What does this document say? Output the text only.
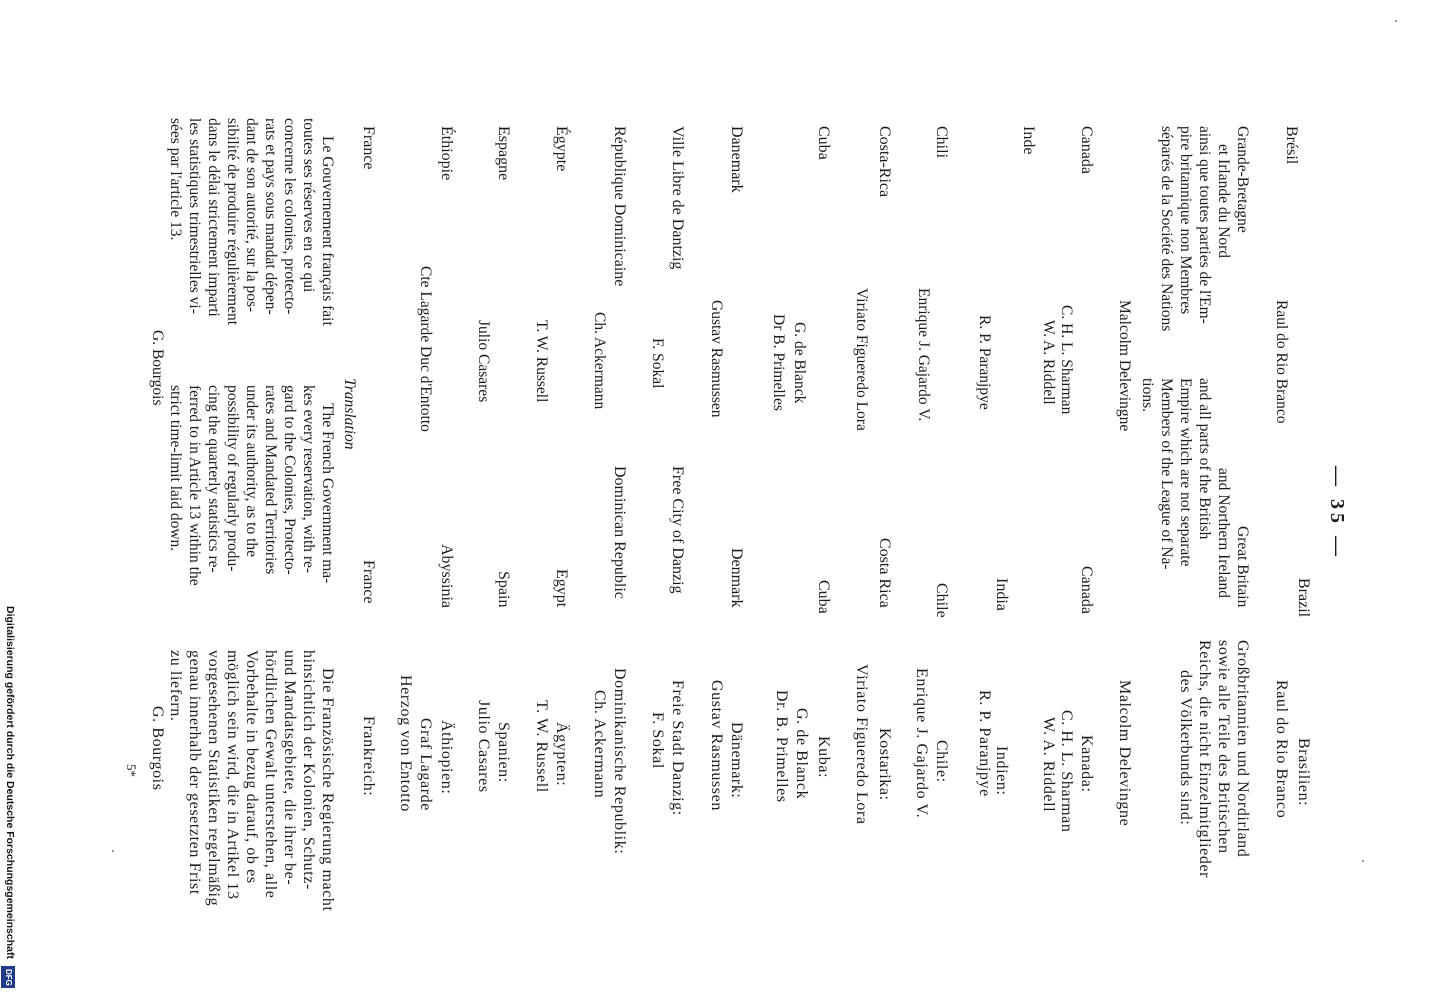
— 35 —
5*
Digitalisierung gefördert durch die Deutsche Forschungsgemeinschaft
DFG
Brésil
Grande-Bretagne
et Irlande du Nord
ainsi que toutes parties de l'Em-
pire britannique non Membres
séparés de la Société des Nations
Canada
Inde
Chili
Costa-Rica
Cuba
Danemark
Ville Libre de Dantzig
République Dominicaine
Égypte
Espagne
Éthiopie
France
Le Gouvernement français fait
toutes ses réserves en ce qui
concerne les colonies, protecto-
rats et pays sous mandat dépen-
dant de son autorité, sur la pos-
sibilité de produire régulièrement
dans le délai strictement imparti
les statistiques trimestrielles vi-
sées par l'article 13.
Raul do Rio Branco
Malcolm Delevingne
C. H. L. Sharman
W. A. Riddell
R. P. Paranjpye
Enrique J. Gajardo V.
Viriato Figueredo Lora
G. de Blanck
Dr B. Primelles
Gustav Rasmussen
F. Sokal
Ch. Ackermann
T. W. Russell
Julio Casares
Cte Lagarde Duc d'Entotto
G. Bourgois
Brazil
Great Britain
and Northern Ireland
and all parts of the British
Empire which are not separate
Members of the League of Na-
tions.
Canada
India
Chile
Costa Rica
Cuba
Denmark
Free City of Danzig
Dominican Republic
Egypt
Spain
Abyssinia
France
Translation
The French Government ma-
kes every reservation, with re-
gard to the Colonies, Protecto-
rates and Mandated Territories
under its authority, as to the
possibility of regularly produ-
cing the quarterly statistics re-
ferred to in Article 13 within the
strict time-limit laid down.
Brasilien:
Raul do Rio Branco
Großbritannien und Nordirland
sowie alle Teile des Britischen
Reichs, die nicht Einzelmitglieder
des Völkerbunds sind:
Malcolm Delevingne
Kanada:
C. H. L. Sharman
W. A. Riddell
Indien:
R. P. Paranjpye
Chile:
Enrique J. Gajardo V.
Kostarika:
Viriato Figueredo Lora
Kuba:
G. de Blanck
Dr. B. Primelles
Dänemark:
Gustav Rasmussen
Freie Stadt Danzig:
F. Sokal
Dominikanische Republik:
Ch. Ackermann
Ägypten:
T. W. Russell
Spanien:
Julio Casares
Äthiopien:
Graf Lagarde
Herzog von Entotto
Frankreich:
Die Französische Regierung macht
hinsichtlich der Kolonien, Schutz-
und Mandatsgebiete, die ihrer be-
hördlichen Gewalt unterstehen, alle
Vorbehalte in bezug darauf, ob es
möglich sein wird, die in Artikel 13
vorgesehenen Statistiken regelmäßig
genau innerhalb der gesetzten Frist
zu liefern.
G. Bourgois
